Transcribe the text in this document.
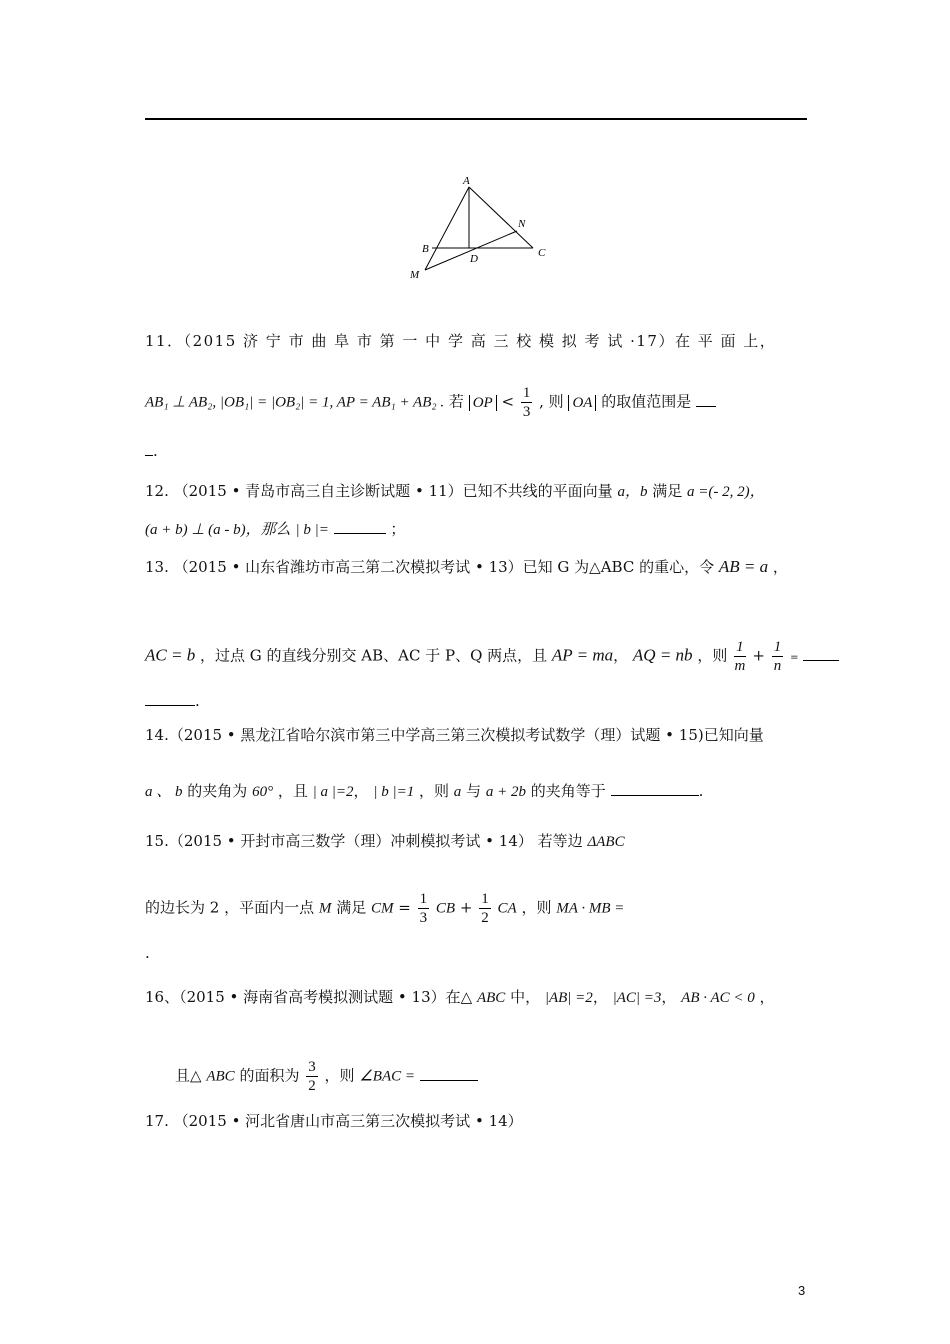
A
N
B	C
D
M
11．（2015 济 宁 市 曲 阜 市 第 一 中 学 高 三 校 模 拟 考 试 ·17）在 平 面 上，
AB₁ ⊥ AB₂, |OB₁| = |OB₂| = 1, AP = AB₁ + AB₂ . 若 OP < $\frac{1}{3}$ , 则 OA 的取值范围是
.
12. （2015 • 青岛市高三自主诊断试题 • 11）已知不共线的平面向量 a，b 满足 a =(- 2, 2)，
(a + b) ⊥ (a - b)，那么 | b |=	；
13. （2015 • 山东省潍坊市高三第二次模拟考试 • 13）已知 G 为△ABC 的重心，令 AB = a ，
AC = b ，过点 G 的直线分别交 AB、AC 于 P、Q 两点，且 AP = ma， AQ = nb ，则 $\frac{1}{m} + \frac{1}{n}$ =
.
14.（2015 • 黑龙江省哈尔滨市第三中学高三第三次模拟考试数学（理）试题 • 15)已知向量
a 、 b 的夹角为 60° ，且 | a |=2， | b |=1 ，则 a 与 a + 2b 的夹角等于	.
15.（2015 • 开封市高三数学（理）冲刺模拟考试 • 14） 若等边 ΔABC
的边长为 2 ，平面内一点 M 满足 CM = $\frac{1}{3}$ CB + $\frac{1}{2}$ CA ，则 MA · MB =
.
16、（2015 • 海南省高考模拟测试题 • 13）在△ ABC 中， |AB| =2， |AC| =3， AB · AC < 0 ，
且△ ABC 的面积为 $\frac{3}{2}$ ，则 ∠BAC =
17. （2015 • 河北省唐山市高三第三次模拟考试 • 14）
3
